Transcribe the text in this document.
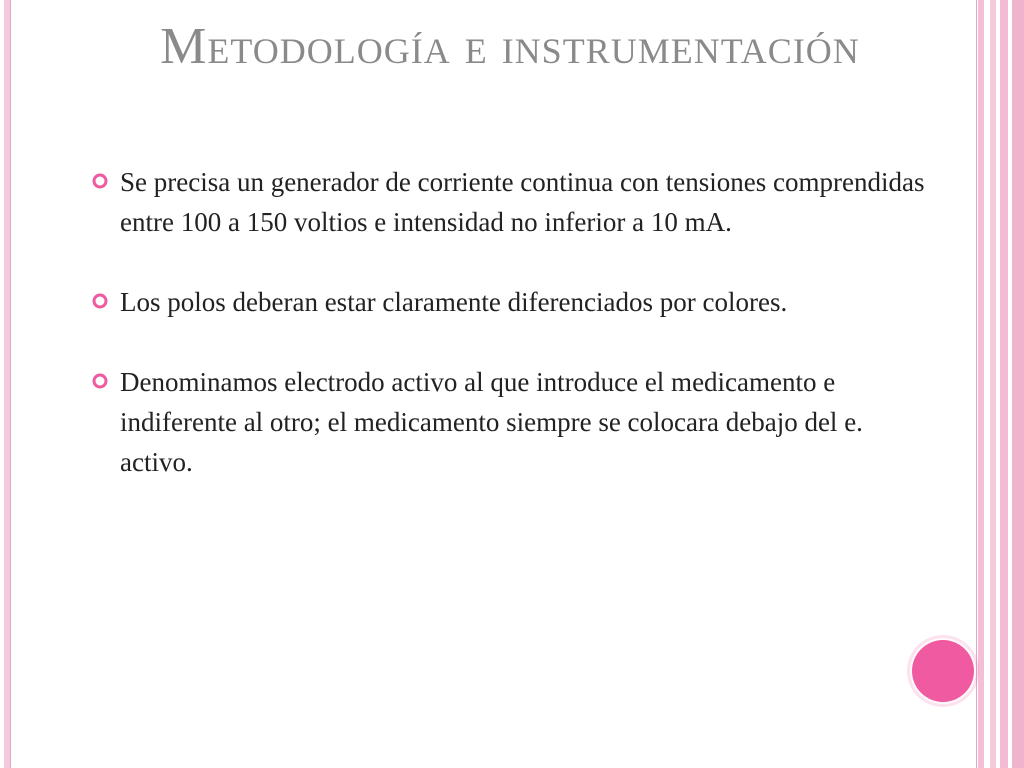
Metodología e instrumentación

Se precisa un generador de corriente continua con tensiones comprendidas entre 100 a 150 voltios e intensidad no inferior a 10 mA.

Los polos deberan estar claramente diferenciados por colores.

Denominamos electrodo activo al que introduce el medicamento e indiferente al otro; el medicamento siempre se colocara debajo del e. activo.
